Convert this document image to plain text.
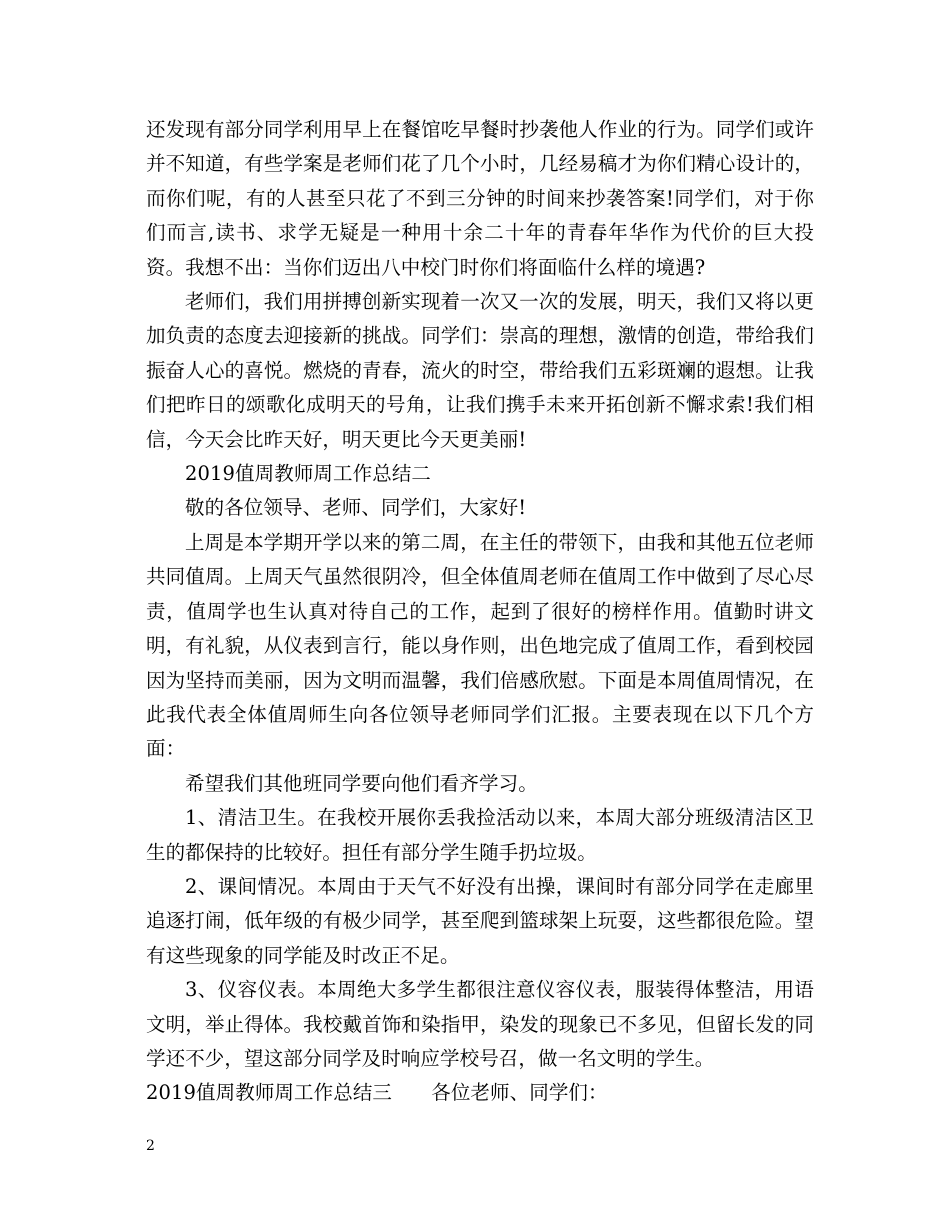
还发现有部分同学利用早上在餐馆吃早餐时抄袭他人作业的行为。同学们或许并不知道，有些学案是老师们花了几个小时，几经易稿才为你们精心设计的，而你们呢，有的人甚至只花了不到三分钟的时间来抄袭答案!同学们，对于你们而言,读书、求学无疑是一种用十余二十年的青春年华作为代价的巨大投资。我想不出：当你们迈出八中校门时你们将面临什么样的境遇?

老师们，我们用拼搏创新实现着一次又一次的发展，明天，我们又将以更加负责的态度去迎接新的挑战。同学们：崇高的理想，激情的创造，带给我们振奋人心的喜悦。燃烧的青春，流火的时空，带给我们五彩斑斓的遐想。让我们把昨日的颂歌化成明天的号角，让我们携手未来开拓创新不懈求索!我们相信，今天会比昨天好，明天更比今天更美丽!

2019值周教师周工作总结二

敬的各位领导、老师、同学们，大家好!

上周是本学期开学以来的第二周，在主任的带领下，由我和其他五位老师共同值周。上周天气虽然很阴冷，但全体值周老师在值周工作中做到了尽心尽责，值周学也生认真对待自己的工作，起到了很好的榜样作用。值勤时讲文明，有礼貌，从仪表到言行，能以身作则，出色地完成了值周工作，看到校园因为坚持而美丽，因为文明而温馨，我们倍感欣慰。下面是本周值周情况，在此我代表全体值周师生向各位领导老师同学们汇报。主要表现在以下几个方面：

希望我们其他班同学要向他们看齐学习。

1、清洁卫生。在我校开展你丢我捡活动以来，本周大部分班级清洁区卫生的都保持的比较好。担任有部分学生随手扔垃圾。

2、课间情况。本周由于天气不好没有出操，课间时有部分同学在走廊里追逐打闹，低年级的有极少同学，甚至爬到篮球架上玩耍，这些都很危险。望有这些现象的同学能及时改正不足。

3、仪容仪表。本周绝大多学生都很注意仪容仪表，服装得体整洁，用语文明，举止得体。我校戴首饰和染指甲，染发的现象已不多见，但留长发的同学还不少，望这部分同学及时响应学校号召，做一名文明的学生。

2019值周教师周工作总结三　　各位老师、同学们：

2
